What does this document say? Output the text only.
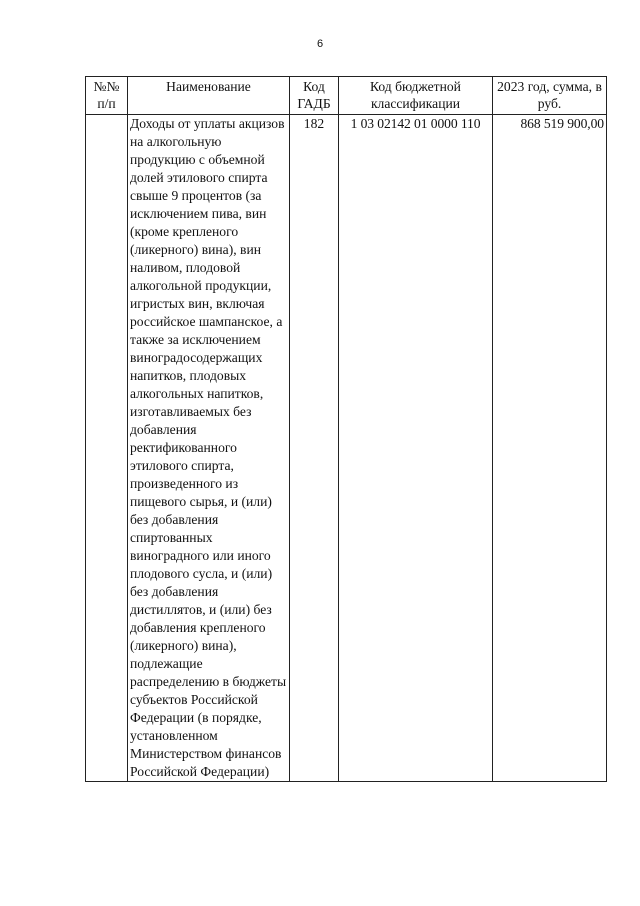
6
№№ п/п	Наименование	Код ГАДБ	Код бюджетной классификации	2023 год, сумма, в руб.
	Доходы от уплаты акцизов на алкогольную продукцию с объемной долей этилового спирта свыше 9 процентов (за исключением пива, вин (кроме крепленого (ликерного) вина), вин наливом, плодовой алкогольной продукции, игристых вин, включая российское шампанское, а также за исключением виноградосодержащих напитков, плодовых алкогольных напитков, изготавливаемых без добавления ректификованного этилового спирта, произведенного из пищевого сырья, и (или) без добавления спиртованных виноградного или иного плодового сусла, и (или) без добавления дистиллятов, и (или) без добавления крепленого (ликерного) вина), подлежащие распределению в бюджеты субъектов Российской Федерации (в порядке, установленном Министерством финансов Российской Федерации)	182	1 03 02142 01 0000 110	868 519 900,00
